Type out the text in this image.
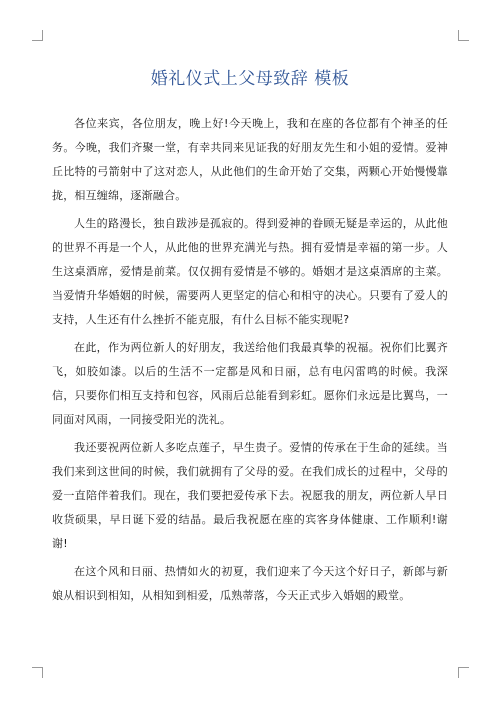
婚礼仪式上父母致辞 模板

各位来宾，各位朋友，晚上好!今天晚上，我和在座的各位都有个神圣的任务。今晚，我们齐聚一堂，有幸共同来见证我的好朋友先生和小姐的爱情。爱神丘比特的弓箭射中了这对恋人，从此他们的生命开始了交集，两颗心开始慢慢靠拢，相互缠绵，逐渐融合。

人生的路漫长，独自跋涉是孤寂的。得到爱神的眷顾无疑是幸运的，从此他的世界不再是一个人，从此他的世界充满光与热。拥有爱情是幸福的第一步。人生这桌酒席，爱情是前菜。仅仅拥有爱情是不够的。婚姻才是这桌酒席的主菜。当爱情升华婚姻的时候，需要两人更坚定的信心和相守的决心。只要有了爱人的支持，人生还有什么挫折不能克服，有什么目标不能实现呢?

在此，作为两位新人的好朋友，我送给他们我最真挚的祝福。祝你们比翼齐飞，如胶如漆。以后的生活不一定都是风和日丽，总有电闪雷鸣的时候。我深信，只要你们相互支持和包容，风雨后总能看到彩虹。愿你们永远是比翼鸟，一同面对风雨，一同接受阳光的洗礼。

我还要祝两位新人多吃点莲子，早生贵子。爱情的传承在于生命的延续。当我们来到这世间的时候，我们就拥有了父母的爱。在我们成长的过程中，父母的爱一直陪伴着我们。现在，我们要把爱传承下去。祝愿我的朋友，两位新人早日收货硕果，早日诞下爱的结晶。最后我祝愿在座的宾客身体健康、工作顺利!谢谢!

在这个风和日丽、热情如火的初夏，我们迎来了今天这个好日子，新郎与新娘从相识到相知，从相知到相爱，瓜熟蒂落，今天正式步入婚姻的殿堂。
